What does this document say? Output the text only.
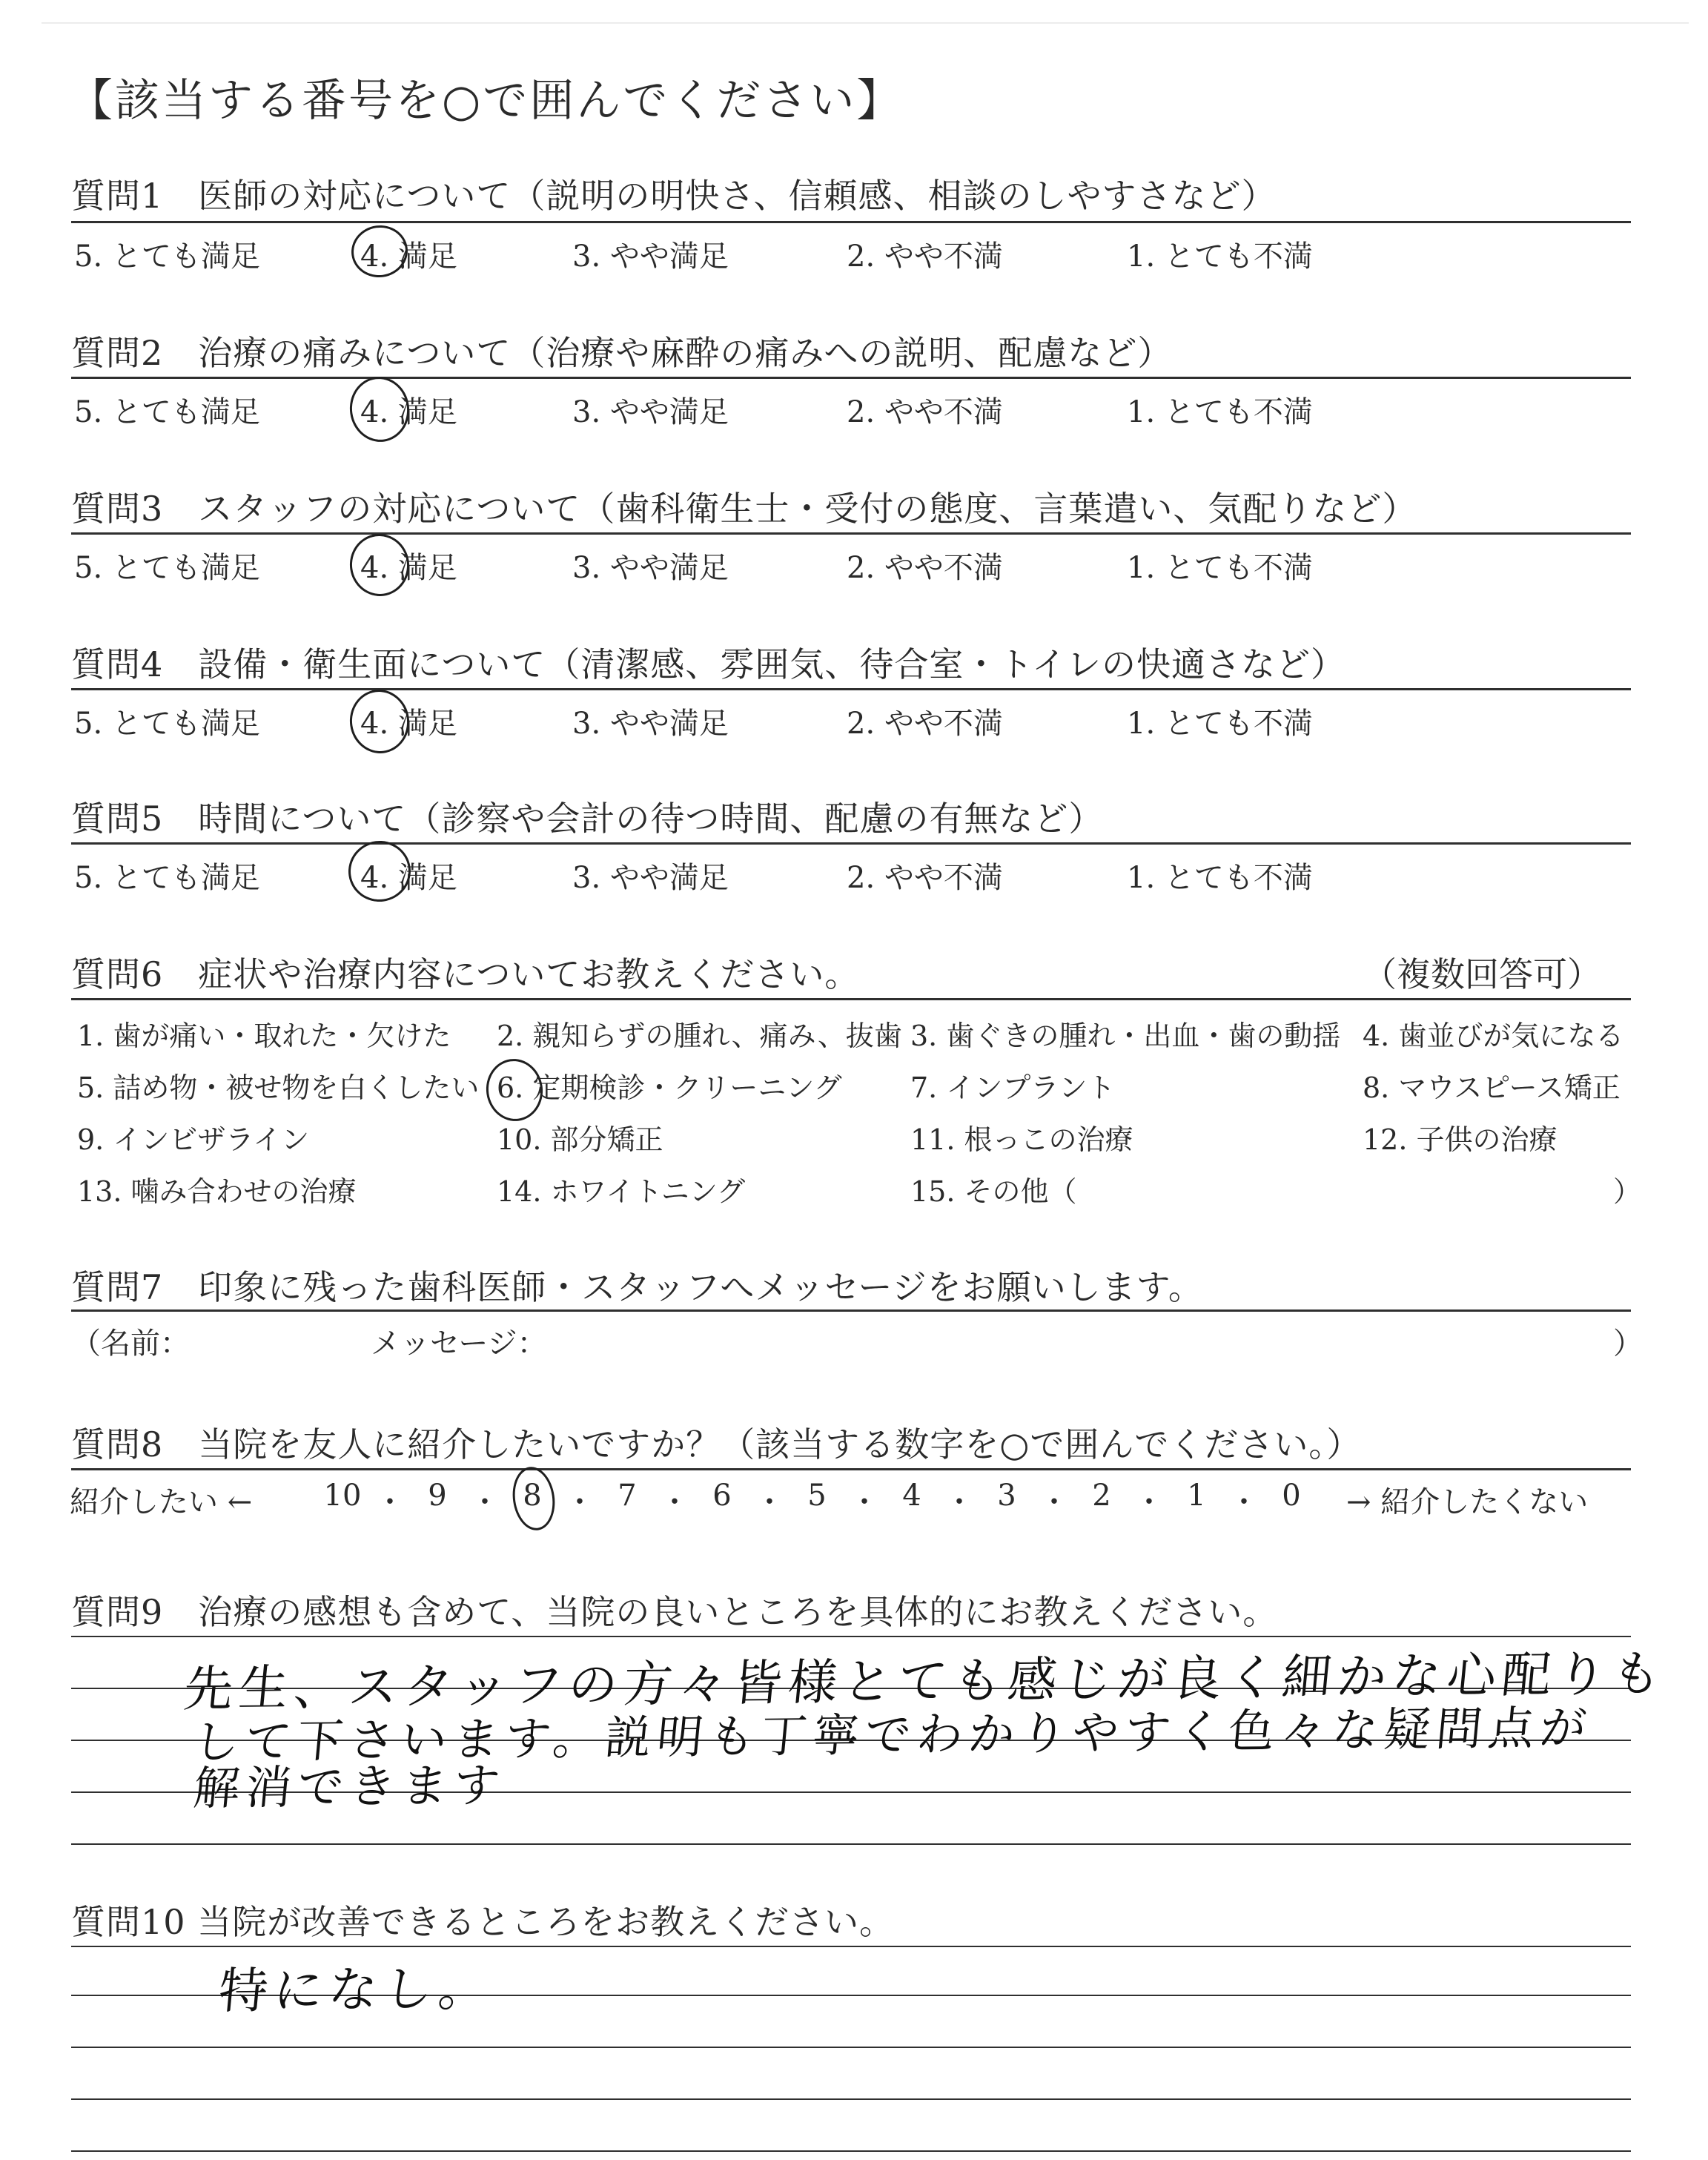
【該当する番号を○で囲んでください】
質問1　医師の対応について（説明の明快さ、信頼感、相談のしやすさなど）
5. とても満足	4. 満足	3. やや満足	2. やや不満	1. とても不満
質問2　治療の痛みについて（治療や麻酔の痛みへの説明、配慮など）
5. とても満足	4. 満足	3. やや満足	2. やや不満	1. とても不満
質問3　スタッフの対応について（歯科衛生士・受付の態度、言葉遣い、気配りなど）
5. とても満足	4. 満足	3. やや満足	2. やや不満	1. とても不満
質問4　設備・衛生面について（清潔感、雰囲気、待合室・トイレの快適さなど）
5. とても満足	4. 満足	3. やや満足	2. やや不満	1. とても不満
質問5　時間について（診察や会計の待つ時間、配慮の有無など）
5. とても満足	4. 満足	3. やや満足	2. やや不満	1. とても不満
質問6　症状や治療内容についてお教えください。	（複数回答可）
1. 歯が痛い・取れた・欠けた 2. 親知らずの腫れ、痛み、抜歯 3. 歯ぐきの腫れ・出血・歯の動揺 4. 歯並びが気になる
5. 詰め物・被せ物を白くしたい 6. 定期検診・クリーニング 7. インプラント	8. マウスピース矯正
9. インビザライン	10. 部分矯正	11. 根っこの治療	12. 子供の治療
13. 噛み合わせの治療	14. ホワイトニング	15. その他（	）
質問7　印象に残った歯科医師・スタッフへメッセージをお願いします。
（名前：	メッセージ：	）
質問8　当院を友人に紹介したいですか？（該当する数字を○で囲んでください。）
紹介したい ← 10 ・ 9 ・ 8 ・ 7 ・ 6 ・ 5 ・ 4 ・ 3 ・ 2 ・ 1 ・ 0	→ 紹介したくない
質問9　治療の感想も含めて、当院の良いところを具体的にお教えください。
先生、スタッフの方々皆様とても感じが良く細かな心配りも
して下さいます。説明も丁寧でわかりやすく色々な疑問点が
解消できます
質問10 当院が改善できるところをお教えください。
特になし。
